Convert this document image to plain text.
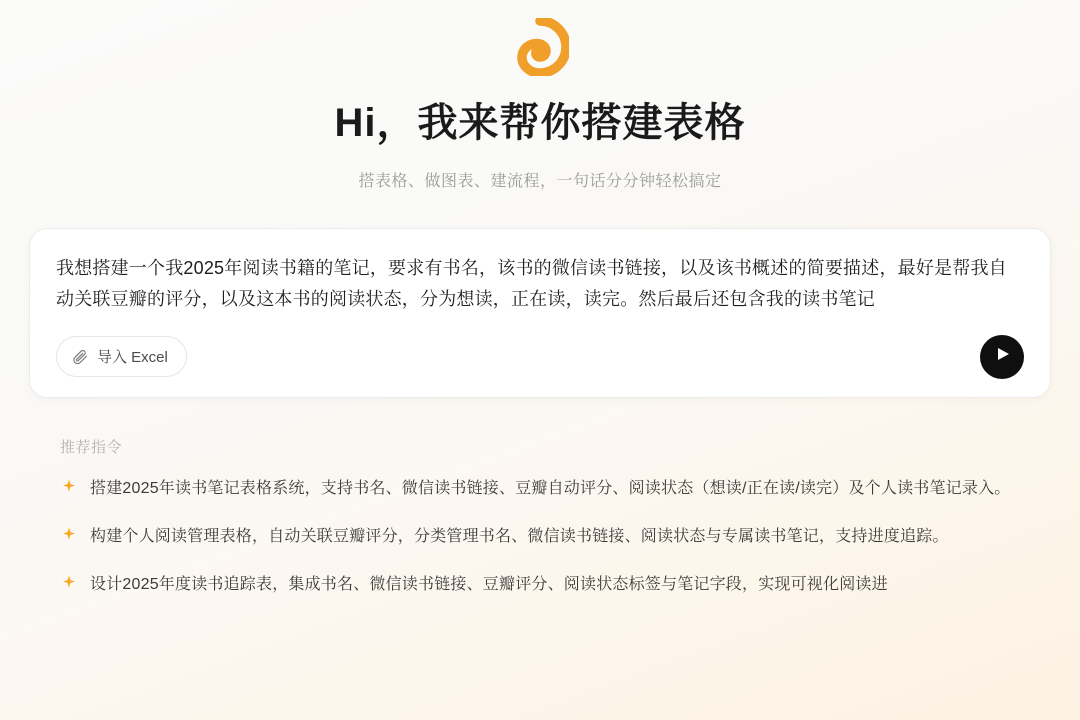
Hi，我来帮你搭建表格
搭表格、做图表、建流程，一句话分分钟轻松搞定
我想搭建一个我2025年阅读书籍的笔记，要求有书名，该书的微信读书链接，以及该书概述的简要描述，最好是帮我自动关联豆瓣的评分，以及这本书的阅读状态，分为想读，正在读，读完。然后最后还包含我的读书笔记
导入 Excel
推荐指令
搭建2025年读书笔记表格系统，支持书名、微信读书链接、豆瓣自动评分、阅读状态（想读/正在读/读完）及个人读书笔记录入。
构建个人阅读管理表格，自动关联豆瓣评分，分类管理书名、微信读书链接、阅读状态与专属读书笔记，支持进度追踪。
设计2025年度读书追踪表，集成书名、微信读书链接、豆瓣评分、阅读状态标签与笔记字段，实现可视化阅读进
